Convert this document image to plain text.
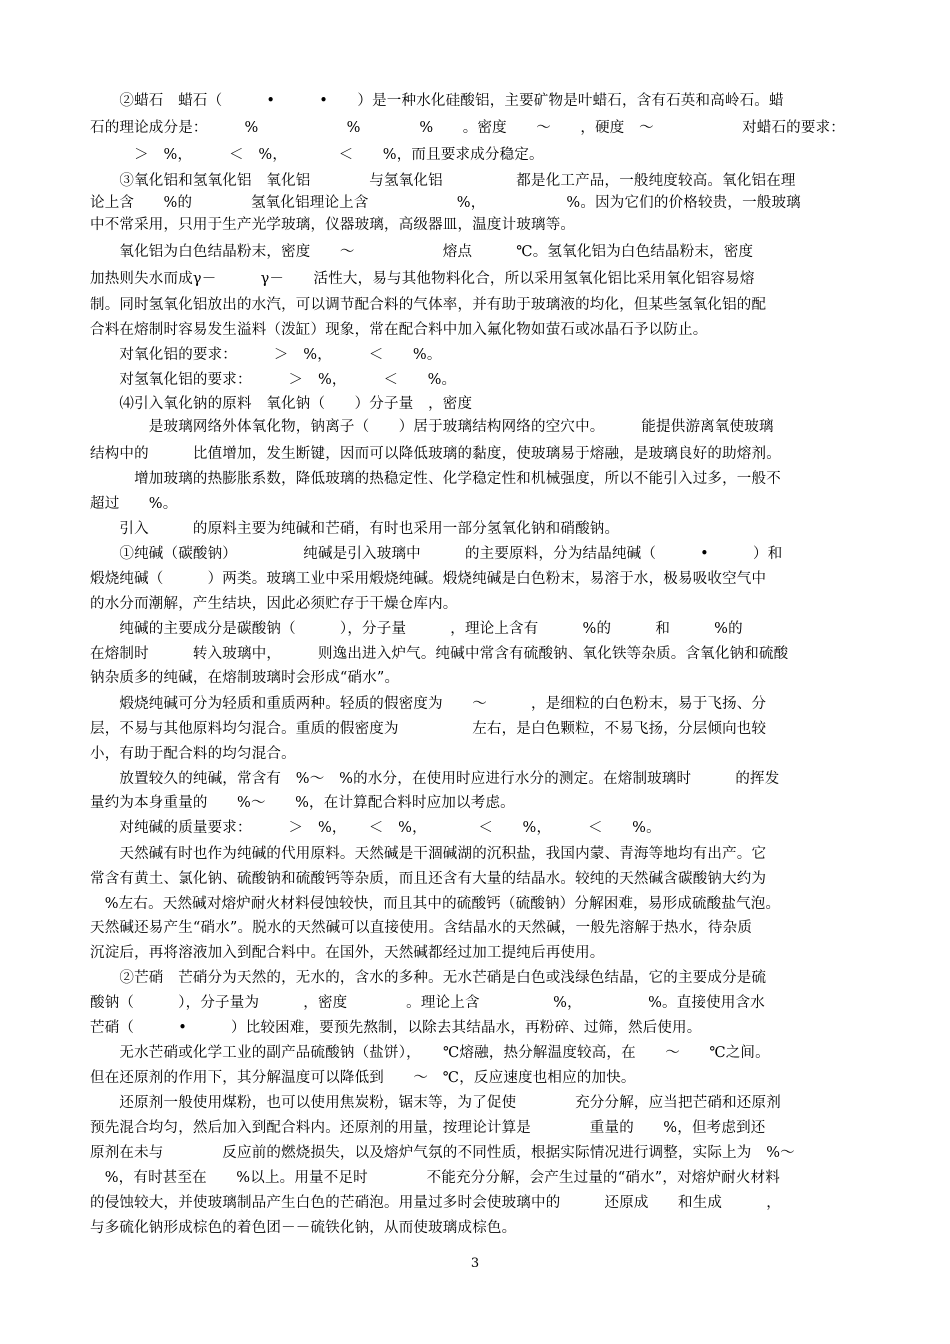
　　②蜡石　蜡石（　　　•　　　•　　）是一种水化硅酸铝，主要矿物是叶蜡石，含有石英和高岭石。蜡
石的理论成分是：　　　%　　　　　　%　　　　%　　。密度　　～　　，硬度　～　　　　　　对蜡石的要求：
　　　＞　%，　　　＜　%，　　　　＜　　%，而且要求成分稳定。
　　③氧化铝和氢氧化铝　氧化铝　　　　与氢氧化铝　　　　　都是化工产品，一般纯度较高。氧化铝在理
论上含　　%的　　　　氢氧化铝理论上含　　　　　　%，　　　　　　%。因为它们的价格较贵，一般玻璃
中不常采用，只用于生产光学玻璃，仪器玻璃，高级器皿，温度计玻璃等。
　　氧化铝为白色结晶粉末，密度　　～　　　　　　熔点　　　℃。氢氧化铝为白色结晶粉末，密度
加热则失水而成γ－　　　γ－　　活性大，易与其他物料化合，所以采用氢氧化铝比采用氧化铝容易熔
制。同时氢氧化铝放出的水汽，可以调节配合料的气体率，并有助于玻璃液的均化，但某些氢氧化铝的配
合料在熔制时容易发生溢料（泼缸）现象，常在配合料中加入氟化物如萤石或冰晶石予以防止。
　　对氧化铝的要求：　　　＞　%，　　　＜　　%。
　　对氢氧化铝的要求：　　　＞　%，　　　＜　　%。
　　⑷引入氧化钠的原料　氧化钠（　　）分子量　，密度
　　　　是玻璃网络外体氧化物，钠离子（　　）居于玻璃结构网络的空穴中。　　　能提供游离氧使玻璃
结构中的　　　比值增加，发生断键，因而可以降低玻璃的黏度，使玻璃易于熔融，是玻璃良好的助熔剂。
　　　增加玻璃的热膨胀系数，降低玻璃的热稳定性、化学稳定性和机械强度，所以不能引入过多，一般不
超过　　%。
　　引入　　　的原料主要为纯碱和芒硝，有时也采用一部分氢氧化钠和硝酸钠。
　　①纯碱（碳酸钠）　　　　　纯碱是引入玻璃中　　　的主要原料，分为结晶纯碱（　　　•　　　）和
煅烧纯碱（　　　）两类。玻璃工业中采用煅烧纯碱。煅烧纯碱是白色粉末，易溶于水，极易吸收空气中
的水分而潮解，产生结块，因此必须贮存于干燥仓库内。
　　纯碱的主要成分是碳酸钠（　　　），分子量　　　，理论上含有　　　%的　　　和　　　%的
在熔制时　　　转入玻璃中，　　　则逸出进入炉气。纯碱中常含有硫酸钠、氧化铁等杂质。含氧化钠和硫酸
钠杂质多的纯碱，在熔制玻璃时会形成“硝水”。
　　煅烧纯碱可分为轻质和重质两种。轻质的假密度为　　～　　　，是细粒的白色粉末，易于飞扬、分
层，不易与其他原料均匀混合。重质的假密度为　　　　　左右，是白色颗粒，不易飞扬，分层倾向也较
小，有助于配合料的均匀混合。
　　放置较久的纯碱，常含有　%～　%的水分，在使用时应进行水分的测定。在熔制玻璃时　　　的挥发
量约为本身重量的　　%～　　%，在计算配合料时应加以考虑。
　　对纯碱的质量要求：　　　＞　%，　　＜　%，　　　　＜　　%，　　　＜　　%。
　　天然碱有时也作为纯碱的代用原料。天然碱是干涸碱湖的沉积盐，我国内蒙、青海等地均有出产。它
常含有黄土、氯化钠、硫酸钠和硫酸钙等杂质，而且还含有大量的结晶水。较纯的天然碱含碳酸钠大约为
　%左右。天然碱对熔炉耐火材料侵蚀较快，而且其中的硫酸钙（硫酸钠）分解困难，易形成硫酸盐气泡。
天然碱还易产生“硝水”。脱水的天然碱可以直接使用。含结晶水的天然碱，一般先溶解于热水，待杂质
沉淀后，再将溶液加入到配合料中。在国外，天然碱都经过加工提纯后再使用。
　　②芒硝　芒硝分为天然的，无水的，含水的多种。无水芒硝是白色或浅绿色结晶，它的主要成分是硫
酸钠（　　　），分子量为　　　，密度　　　　。理论上含　　　　　%，　　　　　%。直接使用含水
芒硝（　　　•　　　）比较困难，要预先熬制，以除去其结晶水，再粉碎、过筛，然后使用。
　　无水芒硝或化学工业的副产品硫酸钠（盐饼），　　℃熔融，热分解温度较高，在　　～　　℃之间。
但在还原剂的作用下，其分解温度可以降低到　　～　℃，反应速度也相应的加快。
　　还原剂一般使用煤粉，也可以使用焦炭粉，锯末等，为了促使　　　　充分分解，应当把芒硝和还原剂
预先混合均匀，然后加入到配合料内。还原剂的用量，按理论计算是　　　　重量的　　%，但考虑到还
原剂在未与　　　　反应前的燃烧损失，以及熔炉气氛的不同性质，根据实际情况进行调整，实际上为　%～
　%，有时甚至在　　%以上。用量不足时　　　　不能充分分解，会产生过量的“硝水”，对熔炉耐火材料
的侵蚀较大，并使玻璃制品产生白色的芒硝泡。用量过多时会使玻璃中的　　　还原成　　和生成　　　，
与多硫化钠形成棕色的着色团－－硫铁化钠，从而使玻璃成棕色。
3
